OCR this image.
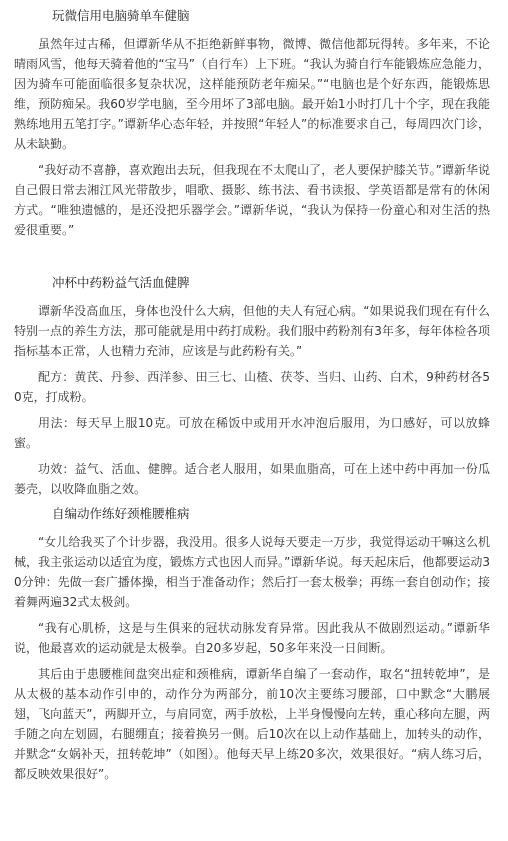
玩微信用电脑骑单车健脑

虽然年过古稀，但谭新华从不拒绝新鲜事物，微博、微信他都玩得转。多年来，不论晴雨风雪，他每天骑着他的“宝马”（自行车）上下班。“我认为骑自行车能锻炼应急能力，因为骑车可能面临很多复杂状况，这样能预防老年痴呆。”“电脑也是个好东西，能锻炼思维，预防痴呆。我60岁学电脑，至今用坏了3部电脑。最开始1小时打几十个字，现在我能熟练地用五笔打字。”谭新华心态年轻，并按照“年轻人”的标准要求自己，每周四次门诊，从未缺勤。

“我好动不喜静，喜欢跑出去玩，但我现在不太爬山了，老人要保护膝关节。”谭新华说自己假日常去湘江风光带散步，唱歌、摄影、练书法、看书读报、学英语都是常有的休闲方式。“唯独遗憾的，是还没把乐器学会。”谭新华说，“我认为保持一份童心和对生活的热爱很重要。”

冲杯中药粉益气活血健脾

谭新华没高血压，身体也没什么大病，但他的夫人有冠心病。“如果说我们现在有什么特别一点的养生方法，那可能就是用中药打成粉。我们服中药粉剂有3年多，每年体检各项指标基本正常，人也精力充沛，应该是与此药粉有关。”

配方：黄芪、丹参、西洋参、田三七、山楂、茯苓、当归、山药、白术，9种药材各50克，打成粉。

用法：每天早上服10克。可放在稀饭中或用开水冲泡后服用，为口感好，可以放蜂蜜。

功效：益气、活血、健脾。适合老人服用，如果血脂高，可在上述中药中再加一份瓜蒌壳，以收降血脂之效。

自编动作练好颈椎腰椎病

“女儿给我买了个计步器，我没用。很多人说每天要走一万步，我觉得运动干嘛这么机械，我主张运动以适宜为度，锻炼方式也因人而异。”谭新华说。每天起床后，他都要运动30分钟：先做一套广播体操，相当于准备动作；然后打一套太极拳；再练一套自创动作；接着舞两遍32式太极剑。

“我有心肌桥，这是与生俱来的冠状动脉发育异常。因此我从不做剧烈运动。”谭新华说，他最喜欢的运动就是太极拳。自20多岁起，50多年来没一日间断。

其后由于患腰椎间盘突出症和颈椎病，谭新华自编了一套动作，取名“扭转乾坤”，是从太极的基本动作引申的，动作分为两部分，前10次主要练习腰部，口中默念“大鹏展翅，飞向蓝天”，两脚开立，与肩同宽，两手放松，上半身慢慢向左转，重心移向左腿，两手随之向左划圆，右腿绷直；接着换另一侧。后10次在以上动作基础上，加转头的动作，并默念“女娲补天，扭转乾坤”（如图）。他每天早上练20多次，效果很好。“病人练习后，都反映效果很好”。
